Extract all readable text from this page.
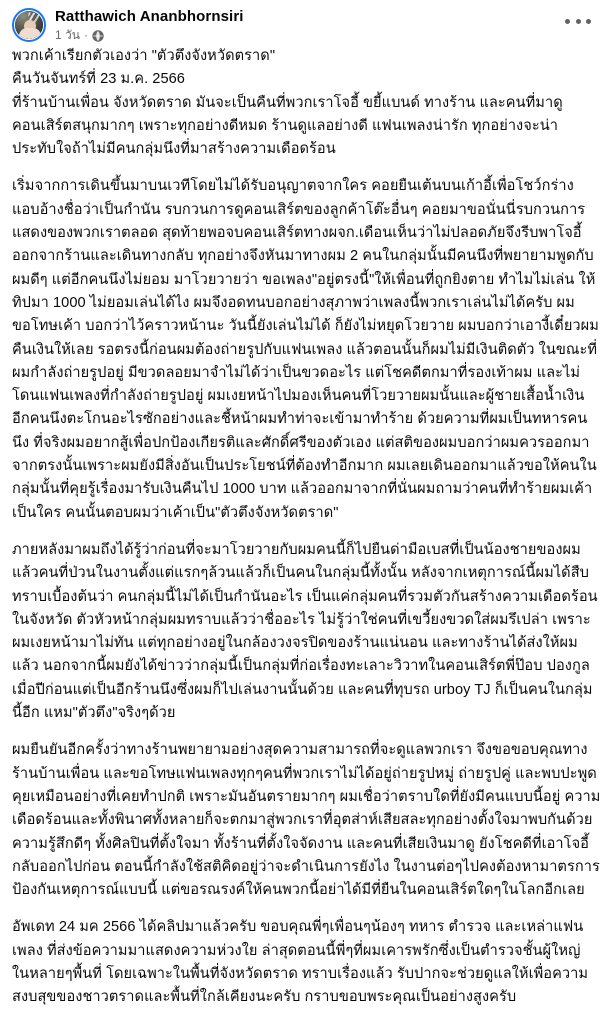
Ratthawich Ananbhornsiri
1 วัน ·

พวกเค้าเรียกตัวเองว่า "ตัวตึงจังหวัดตราด"

คืนวันจันทร์ที่ 23 ม.ค. 2566

ที่ร้านบ้านเพื่อน จังหวัดตราด มันจะเป็นคืนที่พวกเราโจอี้ ขยี้แบนด์ ทางร้าน และคนที่มาดูคอนเสิร์ตสนุกมากๆ เพราะทุกอย่างดีหมด ร้านดูแลอย่างดี แฟนเพลงน่ารัก ทุกอย่างจะน่าประทับใจถ้าไม่มีคนกลุ่มนึงที่มาสร้างความเดือดร้อน

เริ่มจากการเดินขึ้นมาบนเวทีโดยไม่ได้รับอนุญาตจากใคร คอยยืนเต้นบนเก้าอี้เพื่อโชว์กร่าง แอบอ้างชื่อว่าเป็นกำนัน รบกวนการดูคอนเสิร์ตของลูกค้าโต๊ะอื่นๆ คอยมาขอนั่นนี่รบกวนการแสดงของพวกเราตลอด สุดท้ายพอจบคอนเสิร์ตทางผจก.เดือนเห็นว่าไม่ปลอดภัยจึงรีบพาโจอี้ออกจากร้านและเดินทางกลับ ทุกอย่างจึงหันมาทางผม 2 คนในกลุ่มนั้นมีคนนึงที่พยายามพูดกับผมดีๆ แต่อีกคนนึงไม่ยอม มาโวยวายว่า ขอเพลง"อยู่ตรงนี้"ให้เพื่อนที่ถูกยิงตาย ทำไมไม่เล่น ให้ทิปมา 1000 ไม่ยอมเล่นได้ไง ผมจึงอดทนบอกอย่างสุภาพว่าเพลงนี้พวกเราเล่นไม่ได้ครับ ผมขอโทษเค้า บอกว่าไว้คราวหน้านะ วันนี้ยังเล่นไม่ได้ ก็ยังไม่หยุดโวยวาย ผมบอกว่าเอางี้เดี๋ยวผมคืนเงินให้เลย รอตรงนี้ก่อนผมต้องถ่ายรูปกับแฟนเพลง แล้วตอนนั้นก็ผมไม่มีเงินติดตัว ในขณะที่ผมกำลังถ่ายรูปอยู่ มีขวดลอยมาจำไม่ได้ว่าเป็นขวดอะไร แต่โชคดีตกมาที่รองเท้าผม และไม่โดนแฟนเพลงที่กำลังถ่ายรูปอยู่ ผมเงยหน้าไปมองเห็นคนที่โวยวายผมนั้นและผู้ชายเสื้อน้ำเงินอีกคนนึงตะโกนอะไรซักอย่างและชี้หน้าผมทำท่าจะเข้ามาทำร้าย ด้วยความที่ผมเป็นทหารคนนึง ที่จริงผมอยากสู้เพื่อปกป้องเกียรติและศักดิ์ศรีของตัวเอง แต่สติของผมบอกว่าผมควรออกมาจากตรงนั้นเพราะผมยังมีสิ่งอันเป็นประโยชน์ที่ต้องทำอีกมาก ผมเลยเดินออกมาแล้วขอให้คนในกลุ่มนั้นที่คุยรู้เรื่องมารับเงินคืนไป 1000 บาท แล้วออกมาจากที่นั่นผมถามว่าคนที่ทำร้ายผมเค้าเป็นใคร คนนั้นตอบผมว่าเค้าเป็น"ตัวตึงจังหวัดตราด"

ภายหลังมาผมถึงได้รู้ว่าก่อนที่จะมาโวยวายกับผมคนนี้ก็ไปยืนด่ามือเบสที่เป็นน้องชายของผม แล้วคนที่ป่วนในงานตั้งแต่แรกๆล้วนแล้วก็เป็นคนในกลุ่มนี้ทั้งนั้น หลังจากเหตุการณ์นี้ผมได้สืบทราบเบื้องต้นว่า คนกลุ่มนี้ไม่ได้เป็นกำนันอะไร เป็นแค่กลุ่มคนที่รวมตัวกันสร้างความเดือดร้อนในจังหวัด ตัวหัวหน้ากลุ่มผมทราบแล้วว่าชื่ออะไร ไม่รู้ว่าใช่คนที่เขวี้ยงขวดใส่ผมรึเปล่า เพราะผมเงยหน้ามาไม่ทัน แต่ทุกอย่างอยู่ในกล้องวงจรปิดของร้านแน่นอน และทางร้านได้ส่งให้ผมแล้ว นอกจากนี้ผมยังได้ข่าวว่ากลุ่มนี้เป็นกลุ่มที่ก่อเรื่องทะเลาะวิวาทในคอนเสิร์ตพี่ป๊อบ ปองกูลเมื่อปีก่อนแต่เป็นอีกร้านนึงซึ่งผมก็ไปเล่นงานนั้นด้วย และคนที่ทุบรถ urboy TJ ก็เป็นคนในกลุ่มนี้อีก แหม"ตัวตึง"จริงๆด้วย

ผมยืนยันอีกครั้งว่าทางร้านพยายามอย่างสุดความสามารถที่จะดูแลพวกเรา จึงขอขอบคุณทางร้านบ้านเพื่อน และขอโทษแฟนเพลงทุกๆคนที่พวกเราไม่ได้อยู่ถ่ายรูปหมู่ ถ่ายรูปคู่ และพบปะพูดคุยเหมือนอย่างที่เคยทำปกติ เพราะมันอันตรายมากๆ ผมเชื่อว่าตราบใดที่ยังมีคนแบบนี้อยู่ ความเดือดร้อนและทั้งพินาศทั้งหลายก็จะตกมาสู่พวกเราที่อุตส่าห์เสียสละทุกอย่างตั้งใจมาพบกันด้วยความรู้สึกดีๆ ทั้งศิลปินที่ตั้งใจมา ทั้งร้านที่ตั้งใจจัดงาน และคนที่เสียเงินมาดู ยังโชคดีที่เอาโจอี้กลับออกไปก่อน ตอนนี้กำลังใช้สติคิดอยู่ว่าจะดำเนินการยังไง ในงานต่อๆไปคงต้องหามาตรการป้องกันเหตุการณ์แบบนี้ แต่ขอรณรงค์ให้คนพวกนี้อย่าได้มีที่ยืนในคอนเสิร์ตใดๆในโลกอีกเลย

อัพเดท 24 มค 2566 ได้คลิปมาแล้วครับ ขอบคุณพี่ๆเพื่อนๆน้องๆ ทหาร ตำรวจ และเหล่าแฟนเพลง ที่ส่งข้อความมาแสดงความห่วงใย ล่าสุดตอนนี้พี่ๆที่ผมเคารพรักซึ่งเป็นตำรวจชั้นผู้ใหญ่ ในหลายๆพื้นที่ โดยเฉพาะในพื้นที่จังหวัดตราด ทราบเรื่องแล้ว รับปากจะช่วยดูแลให้เพื่อความสงบสุขของชาวตราดและพื้นที่ใกล้เคียงนะครับ กราบขอบพระคุณเป็นอย่างสูงครับ
